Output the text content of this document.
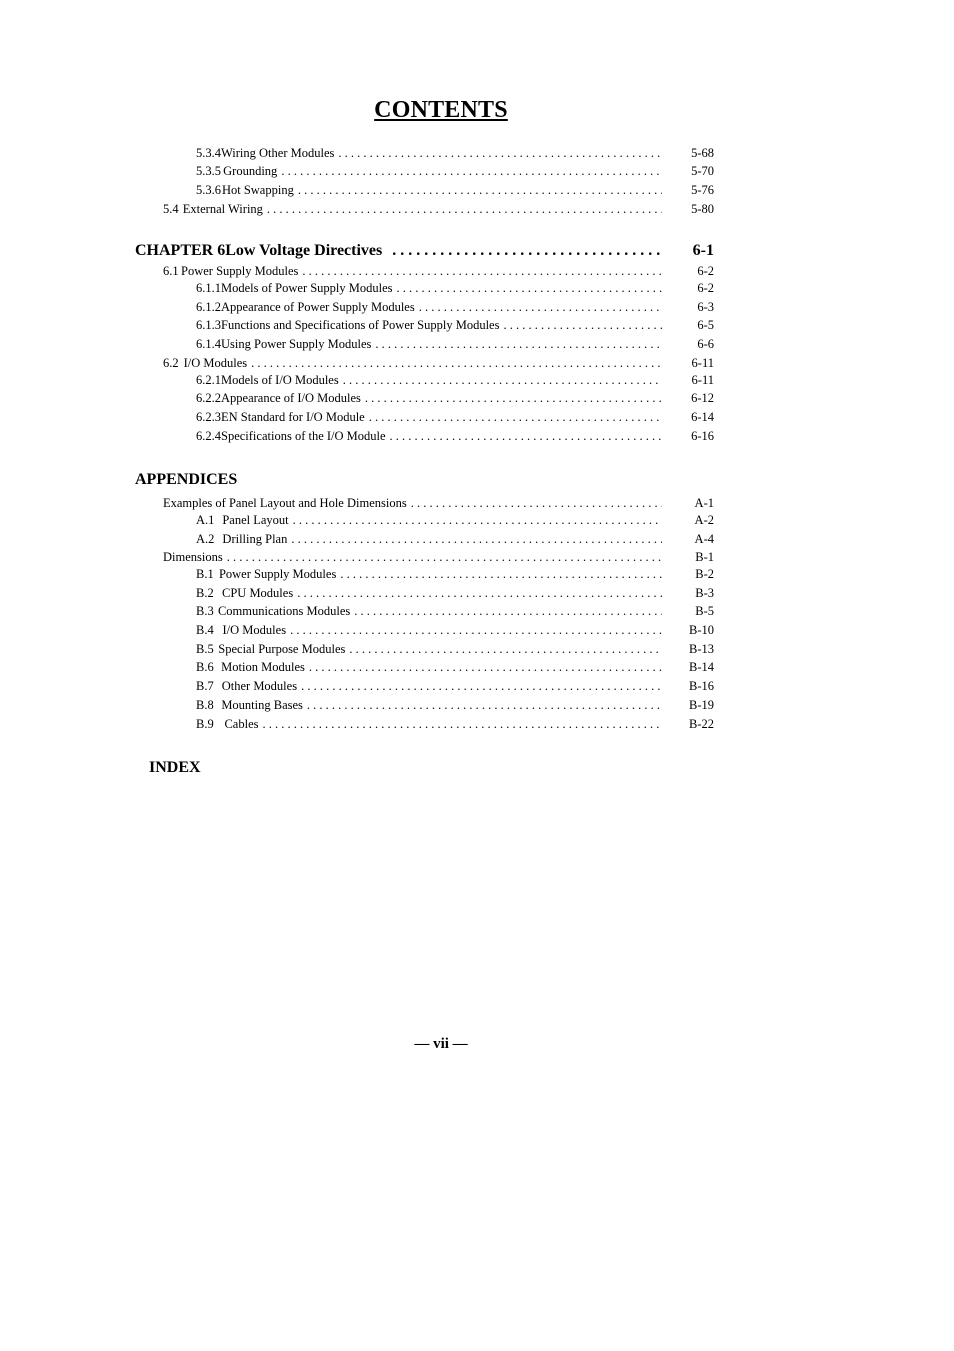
CONTENTS
5.3.4 Wiring Other Modules . . .	5-68
5.3.5 Grounding . . .	5-70
5.3.6 Hot Swapping . . .	5-76
5.4 External Wiring . . .	5-80
CHAPTER 6 Low Voltage Directives . . .	6-1
6.1 Power Supply Modules . . .	6-2
6.1.1 Models of Power Supply Modules . . .	6-2
6.1.2 Appearance of Power Supply Modules . . .	6-3
6.1.3 Functions and Specifications of Power Supply Modules . . .	6-5
6.1.4 Using Power Supply Modules . . .	6-6
6.2 I/O Modules . . .	6-11
6.2.1 Models of I/O Modules . . .	6-11
6.2.2 Appearance of I/O Modules . . .	6-12
6.2.3 EN Standard for I/O Module . . .	6-14
6.2.4 Specifications of the I/O Module . . .	6-16
APPENDICES
Examples of Panel Layout and Hole Dimensions . . .	A-1
A.1 Panel Layout . . .	A-2
A.2 Drilling Plan . . .	A-4
Dimensions . . .	B-1
B.1 Power Supply Modules . . .	B-2
B.2 CPU Modules . . .	B-3
B.3 Communications Modules . . .	B-5
B.4 I/O Modules . . .	B-10
B.5 Special Purpose Modules . . .	B-13
B.6 Motion Modules . . .	B-14
B.7 Other Modules . . .	B-16
B.8 Mounting Bases . . .	B-19
B.9 Cables . . .	B-22
INDEX
— vii —
